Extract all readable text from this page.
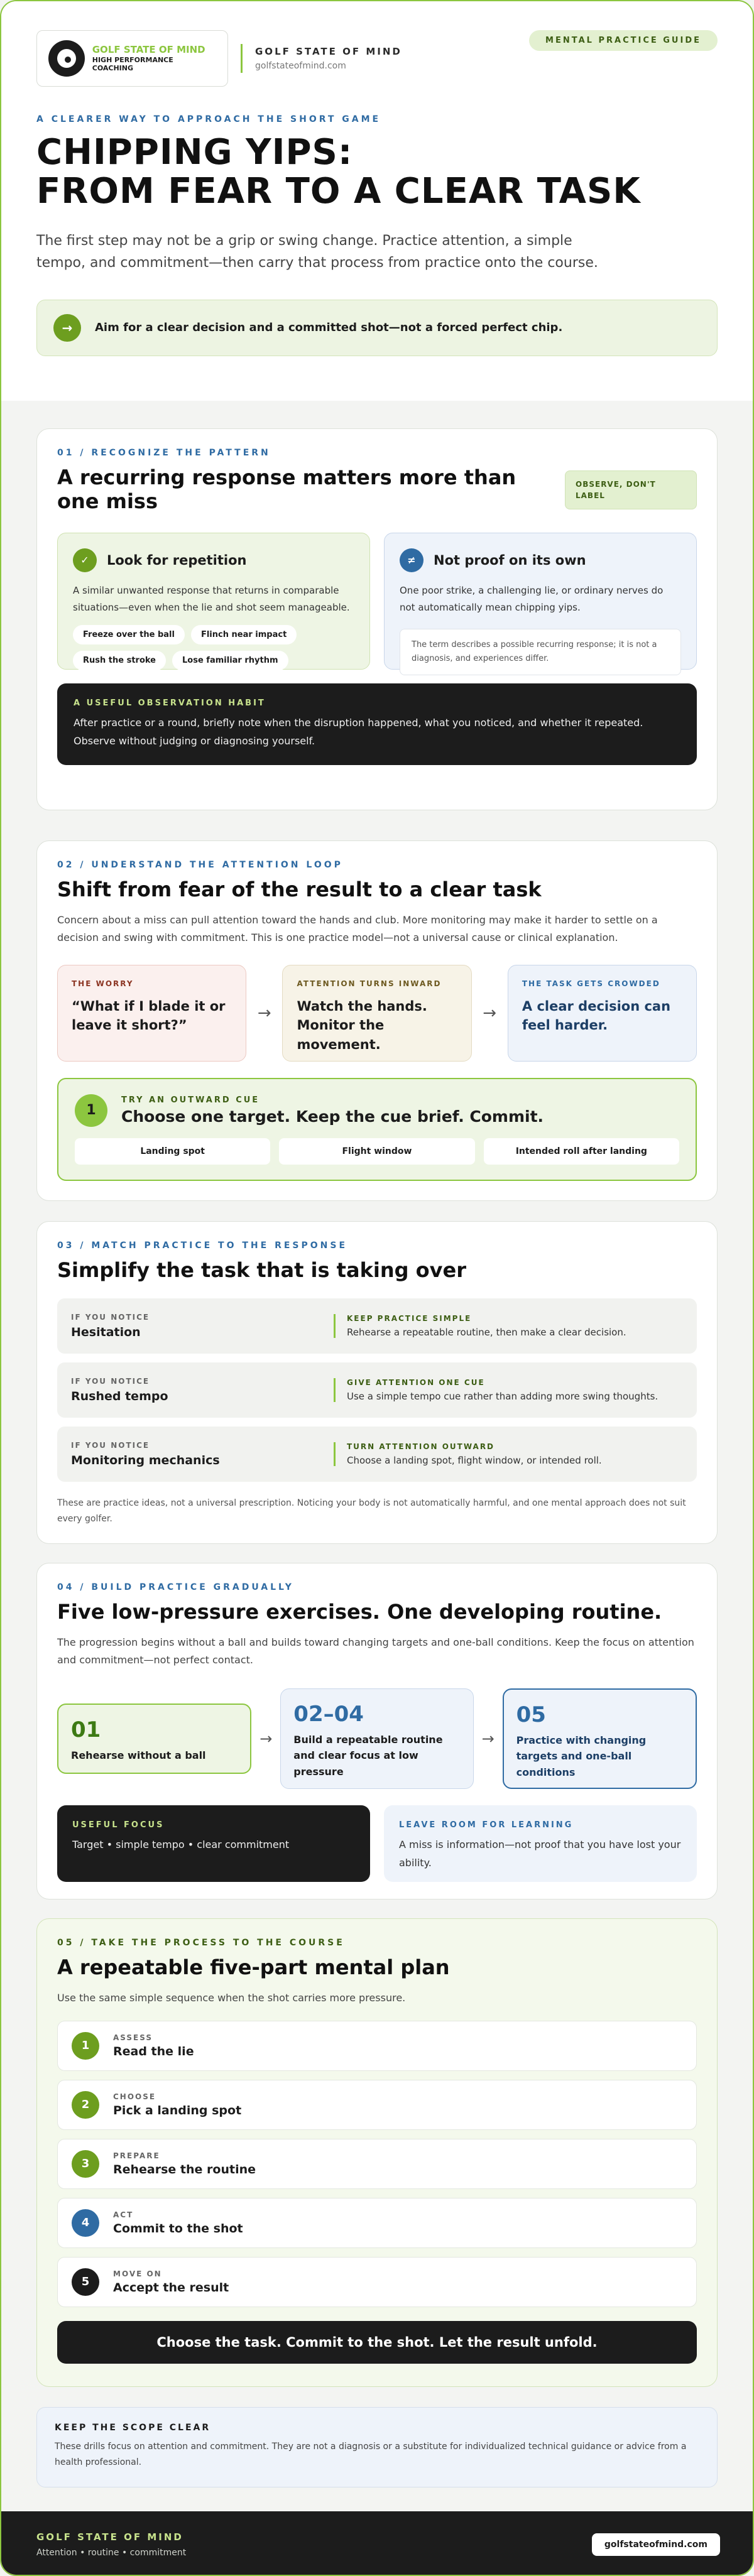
GOLF STATE OF MIND
HIGH PERFORMANCE COACHING
GOLF STATE OF MIND
golfstateofmind.com
MENTAL PRACTICE GUIDE
A CLEARER WAY TO APPROACH THE SHORT GAME
CHIPPING YIPS:
FROM FEAR TO A CLEAR TASK

The first step may not be a grip or swing change. Practice attention, a simple tempo, and commitment—then carry that process from practice onto the course.

→	Aim for a clear decision and a committed shot—not a forced perfect chip.
01 / RECOGNIZE THE PATTERN
A recurring response matters more than one miss
OBSERVE, DON'T LABEL
✓	Look for repetition
A similar unwanted response that returns in comparable situations—even when the lie and shot seem manageable.
Freeze over the ball	Flinch near impact
Rush the stroke	Lose familiar rhythm
≠	Not proof on its own
One poor strike, a challenging lie, or ordinary nerves do not automatically mean chipping yips.
The term describes a possible recurring response; it is not a diagnosis, and experiences differ.
A USEFUL OBSERVATION HABIT
After practice or a round, briefly note when the disruption happened, what you noticed, and whether it repeated. Observe without judging or diagnosing yourself.
02 / UNDERSTAND THE ATTENTION LOOP
Shift from fear of the result to a clear task

Concern about a miss can pull attention toward the hands and club. More monitoring may make it harder to settle on a decision and swing with commitment. This is one practice model—not a universal cause or clinical explanation.

THE WORRY
“What if I blade it or leave it short?”
→
ATTENTION TURNS INWARD
Watch the hands. Monitor the movement.
→
THE TASK GETS CROWDED
A clear decision can feel harder.
1
TRY AN OUTWARD CUE
Choose one target. Keep the cue brief. Commit.
Landing spot	Flight window	Intended roll after landing
03 / MATCH PRACTICE TO THE RESPONSE
Simplify the task that is taking over
IF YOU NOTICE
Hesitation
KEEP PRACTICE SIMPLE
Rehearse a repeatable routine, then make a clear decision.
IF YOU NOTICE
Rushed tempo
GIVE ATTENTION ONE CUE
Use a simple tempo cue rather than adding more swing thoughts.
IF YOU NOTICE
Monitoring mechanics
TURN ATTENTION OUTWARD
Choose a landing spot, flight window, or intended roll.

These are practice ideas, not a universal prescription. Noticing your body is not automatically harmful, and one mental approach does not suit every golfer.

04 / BUILD PRACTICE GRADUALLY
Five low-pressure exercises. One developing routine.

The progression begins without a ball and builds toward changing targets and one-ball conditions. Keep the focus on attention and commitment—not perfect contact.

01
Rehearse without a ball
→
02–04
Build a repeatable routine and clear focus at low pressure
→
05
Practice with changing targets and one-ball conditions
USEFUL FOCUS
Target • simple tempo • clear commitment
LEAVE ROOM FOR LEARNING
A miss is information—not proof that you have lost your ability.
05 / TAKE THE PROCESS TO THE COURSE
A repeatable five-part mental plan

Use the same simple sequence when the shot carries more pressure.

1
ASSESS
Read the lie
2
CHOOSE
Pick a landing spot
3
PREPARE
Rehearse the routine
4
ACT
Commit to the shot
5
MOVE ON
Accept the result
Choose the task. Commit to the shot. Let the result unfold.
KEEP THE SCOPE CLEAR
These drills focus on attention and commitment. They are not a diagnosis or a substitute for individualized technical guidance or advice from a health professional.
GOLF STATE OF MIND
Attention • routine • commitment
golfstateofmind.com
